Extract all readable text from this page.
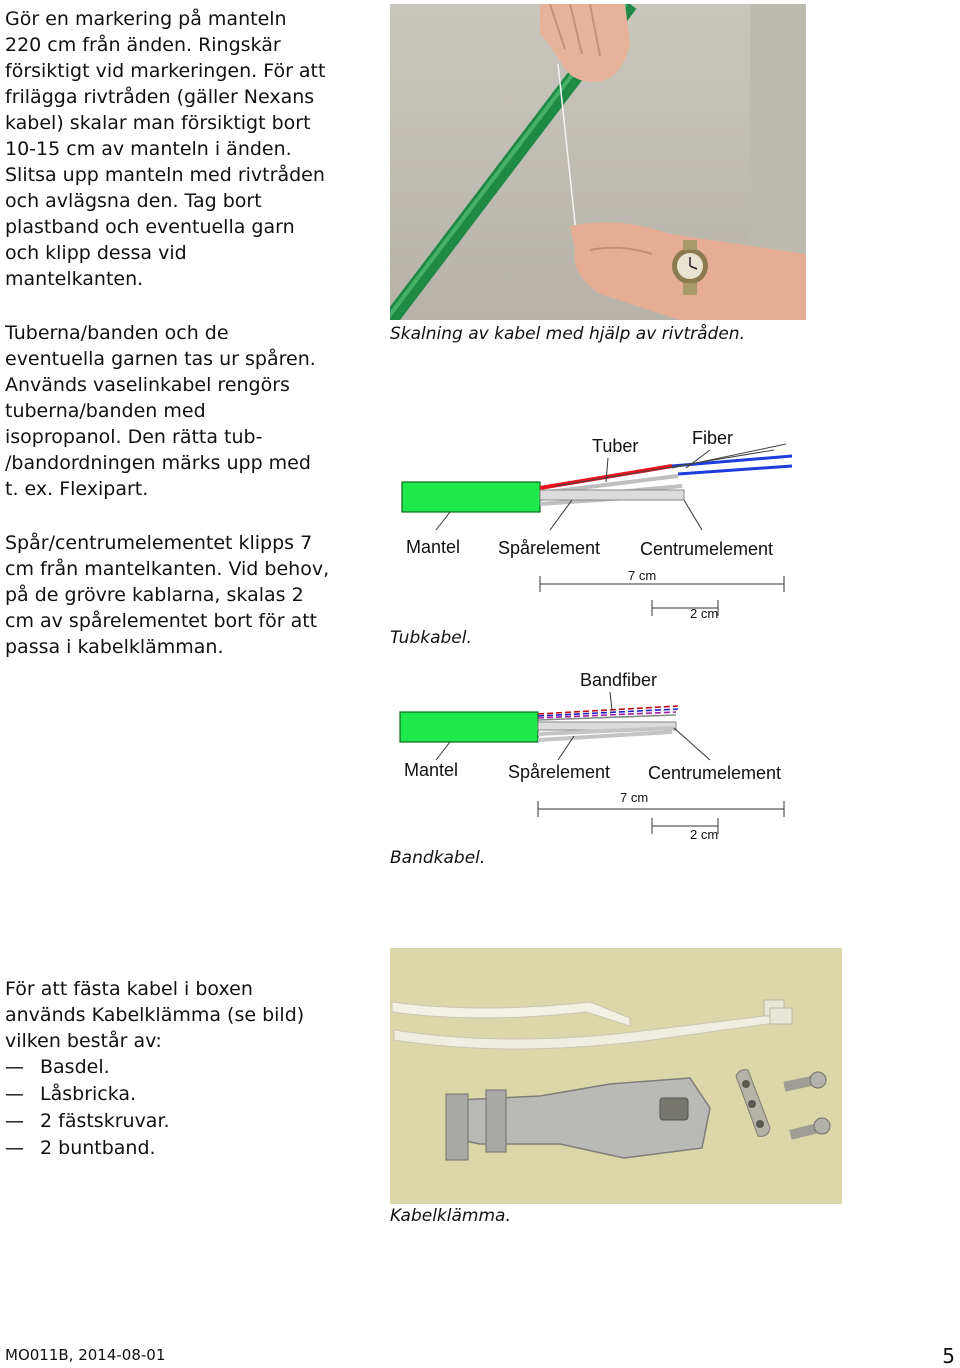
Gör en markering på manteln
220 cm från änden. Ringskär
försiktigt vid markeringen. För att
frilägga rivtråden (gäller Nexans
kabel) skalar man försiktigt bort
10-15 cm av manteln i änden.
Slitsa upp manteln med rivtråden
och avlägsna den. Tag bort
plastband och eventuella garn
och klipp dessa vid
mantelkanten.

Tuberna/banden och de
eventuella garnen tas ur spåren.
Används vaselinkabel rengörs
tuberna/banden med
isopropanol. Den rätta tub-
/bandordningen märks upp med
t. ex. Flexipart.

Spår/centrumelementet klipps 7
cm från mantelkanten. Vid behov,
på de grövre kablarna, skalas 2
cm av spårelementet bort för att
passa i kabelklämman.

För att fästa kabel i boxen
används Kabelklämma (se bild)
vilken består av:

— Basdel.
— Låsbricka.
— 2 fästskruvar.
— 2 buntband.

Skalning av kabel med hjälp av rivtråden.

Tuber	Fiber
Mantel Spårelement Centrumelement
7 cm
2 cm

Tubkabel.

Bandfiber
Mantel	Spårelement Centrumelement
7 cm
2 cm

Bandkabel.

Kabelklämma.

MO011B, 2014-08-01	5
